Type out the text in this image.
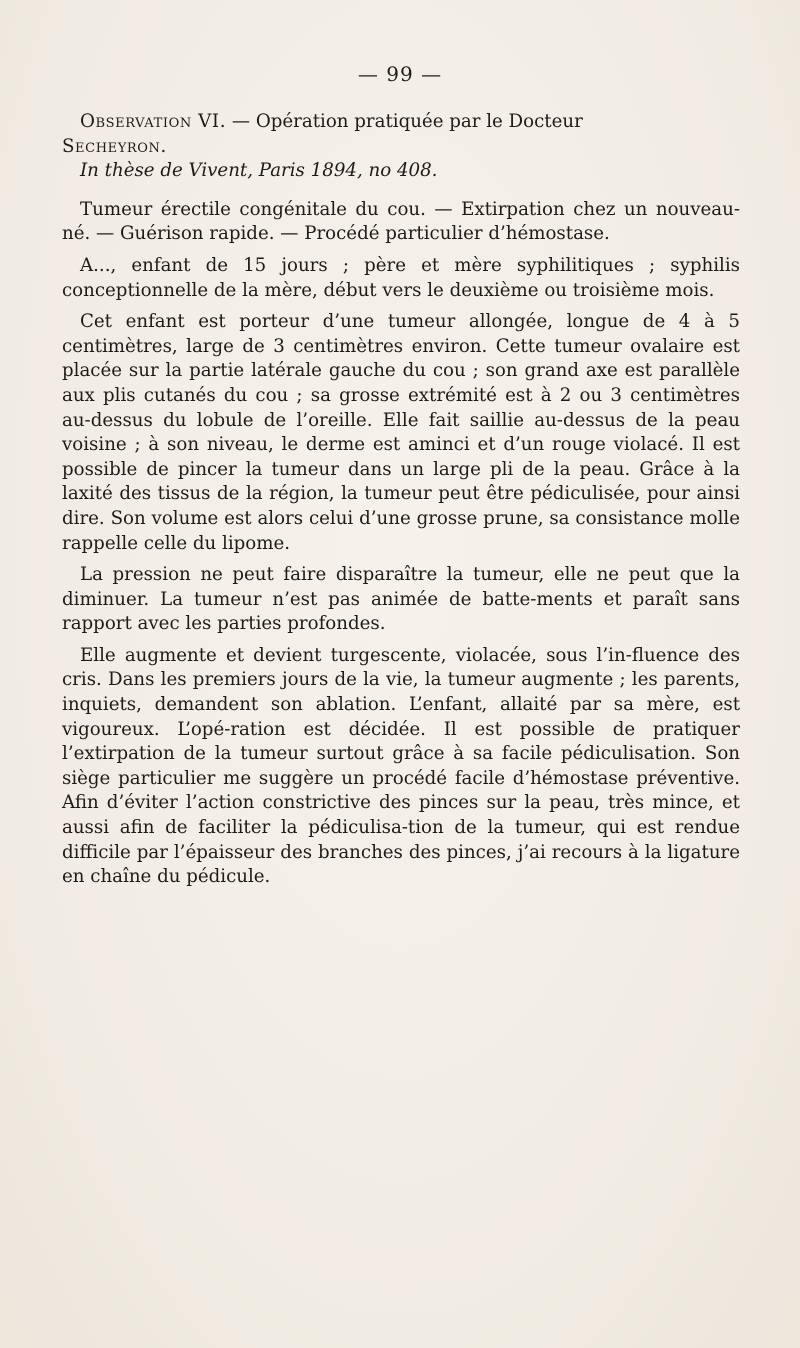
— 99 —

Observation VI. — Opération pratiquée par le Docteur
Secheyron.

In thèse de Vivent, Paris 1894, no 408.

Tumeur érectile congénitale du cou. — Extirpation chez un nouveau-né. — Guérison rapide. — Procédé particulier d’hémostase.

A..., enfant de 15 jours ; père et mère syphilitiques ; syphilis conceptionnelle de la mère, début vers le deuxième ou troisième mois.

Cet enfant est porteur d’une tumeur allongée, longue de 4 à 5 centimètres, large de 3 centimètres environ. Cette tumeur ovalaire est placée sur la partie latérale gauche du cou ; son grand axe est parallèle aux plis cutanés du cou ; sa grosse extrémité est à 2 ou 3 centimètres au-dessus du lobule de l’oreille. Elle fait saillie au-dessus de la peau voisine ; à son niveau, le derme est aminci et d’un rouge violacé. Il est possible de pincer la tumeur dans un large pli de la peau. Grâce à la laxité des tissus de la région, la tumeur peut être pédiculisée, pour ainsi dire. Son volume est alors celui d’une grosse prune, sa consistance molle rappelle celle du lipome.

La pression ne peut faire disparaître la tumeur, elle ne peut que la diminuer. La tumeur n’est pas animée de batte-ments et paraît sans rapport avec les parties profondes.

Elle augmente et devient turgescente, violacée, sous l’in-fluence des cris. Dans les premiers jours de la vie, la tumeur augmente ; les parents, inquiets, demandent son ablation. L’enfant, allaité par sa mère, est vigoureux. L’opé-ration est décidée. Il est possible de pratiquer l’extirpation de la tumeur surtout grâce à sa facile pédiculisation. Son siège particulier me suggère un procédé facile d’hémostase préventive. Afin d’éviter l’action constrictive des pinces sur la peau, très mince, et aussi afin de faciliter la pédiculisa-tion de la tumeur, qui est rendue difficile par l’épaisseur des branches des pinces, j’ai recours à la ligature en chaîne du pédicule.
